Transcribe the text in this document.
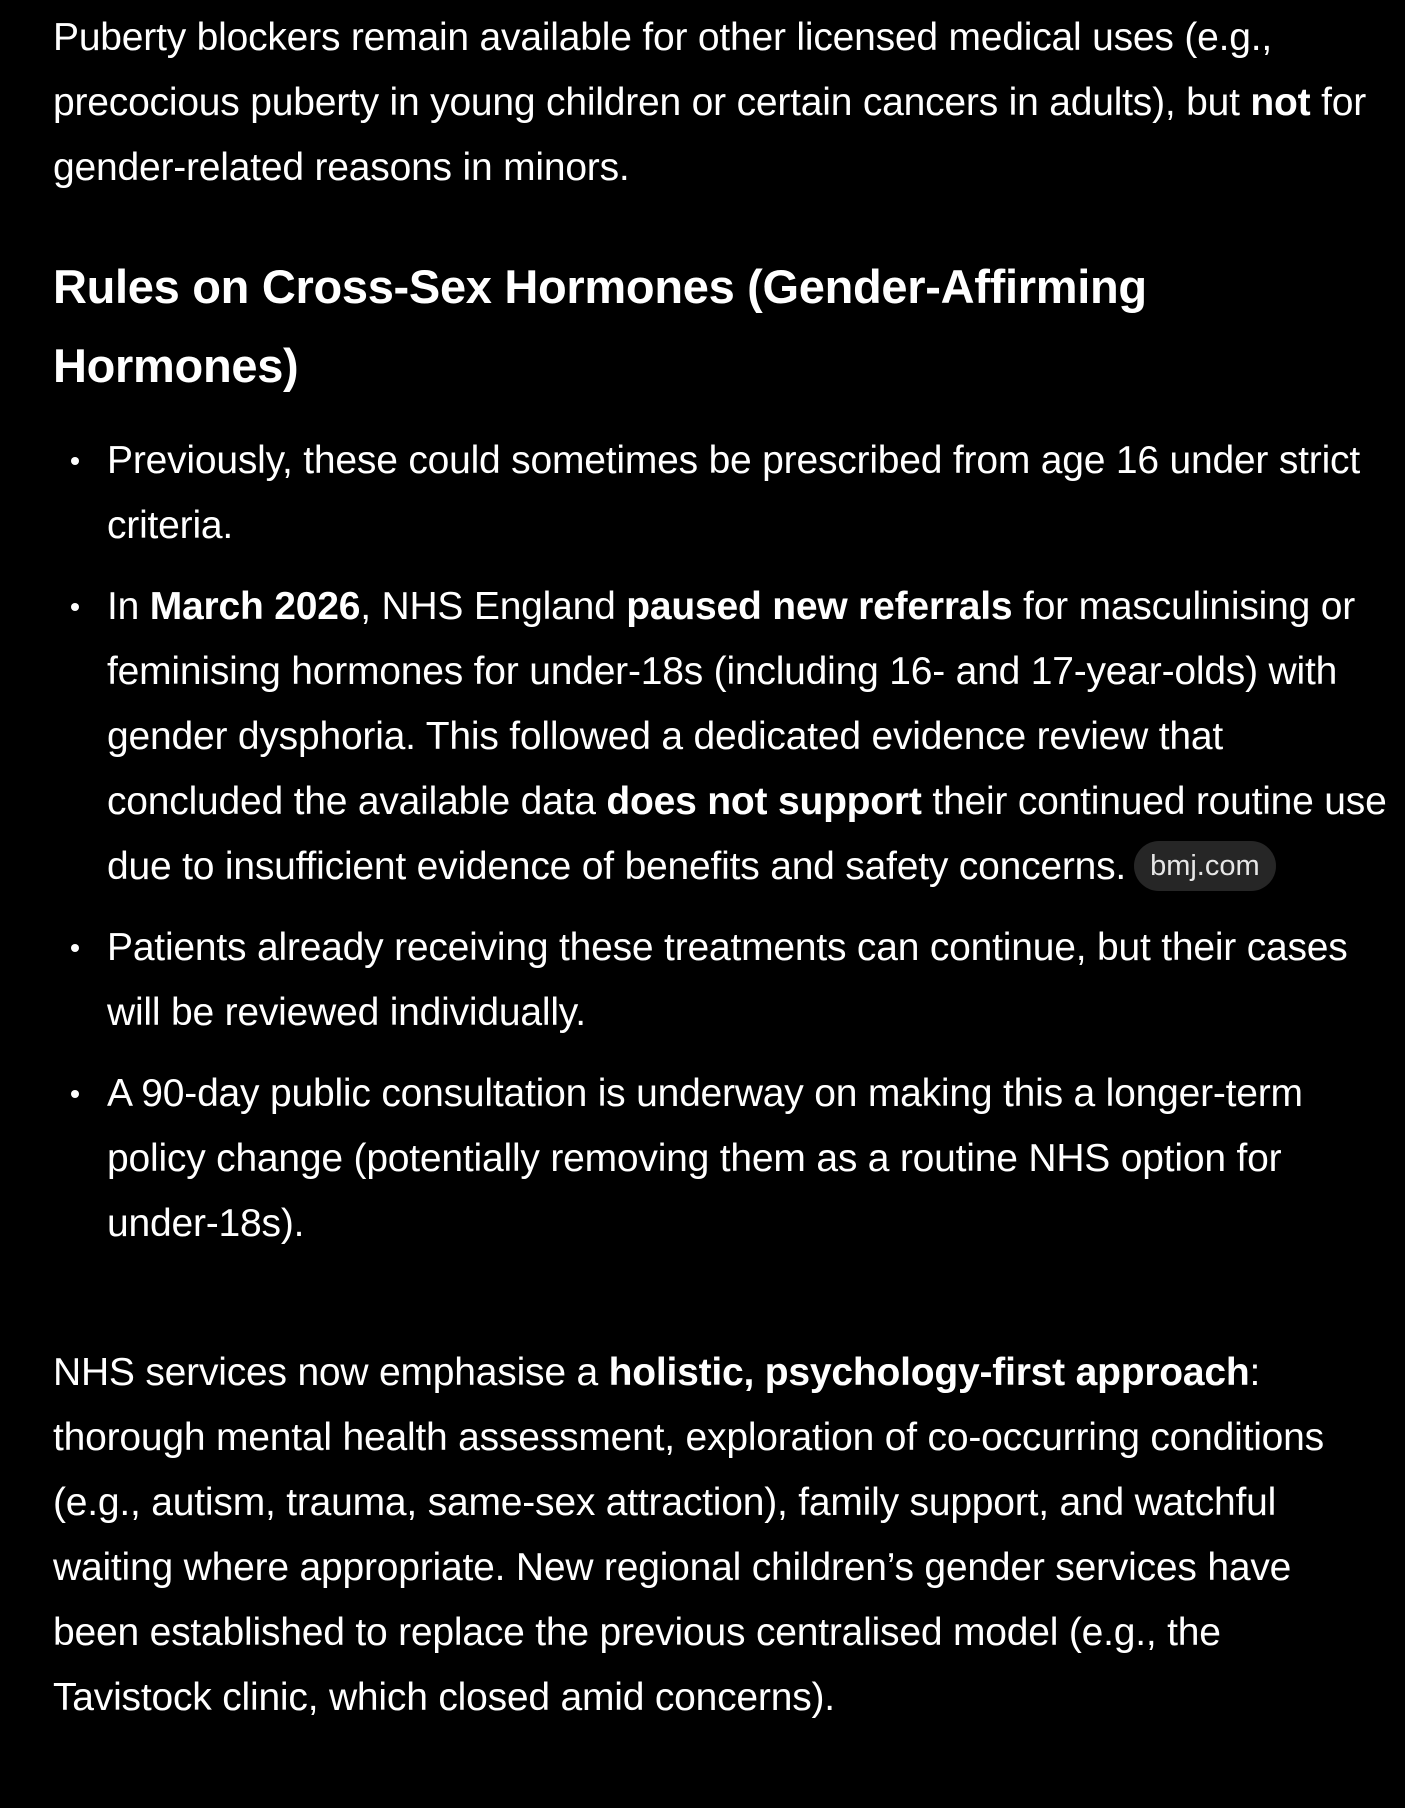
Puberty blockers remain available for other licensed medical uses (e.g., precocious puberty in young children or certain cancers in adults), but not for gender-related reasons in minors.

Rules on Cross-Sex Hormones (Gender-Affirming Hormones)
Previously, these could sometimes be prescribed from age 16 under strict criteria.
In March 2026, NHS England paused new referrals for masculinising or feminising hormones for under-18s (including 16- and 17-year-olds) with gender dysphoria. This followed a dedicated evidence review that concluded the available data does not support their continued routine use due to insufficient evidence of benefits and safety concerns. bmj.com
Patients already receiving these treatments can continue, but their cases will be reviewed individually.
A 90-day public consultation is underway on making this a longer-term policy change (potentially removing them as a routine NHS option for under-18s).

NHS services now emphasise a holistic, psychology-first approach: thorough mental health assessment, exploration of co-occurring conditions (e.g., autism, trauma, same-sex attraction), family support, and watchful waiting where appropriate. New regional children’s gender services have been established to replace the previous centralised model (e.g., the Tavistock clinic, which closed amid concerns).
